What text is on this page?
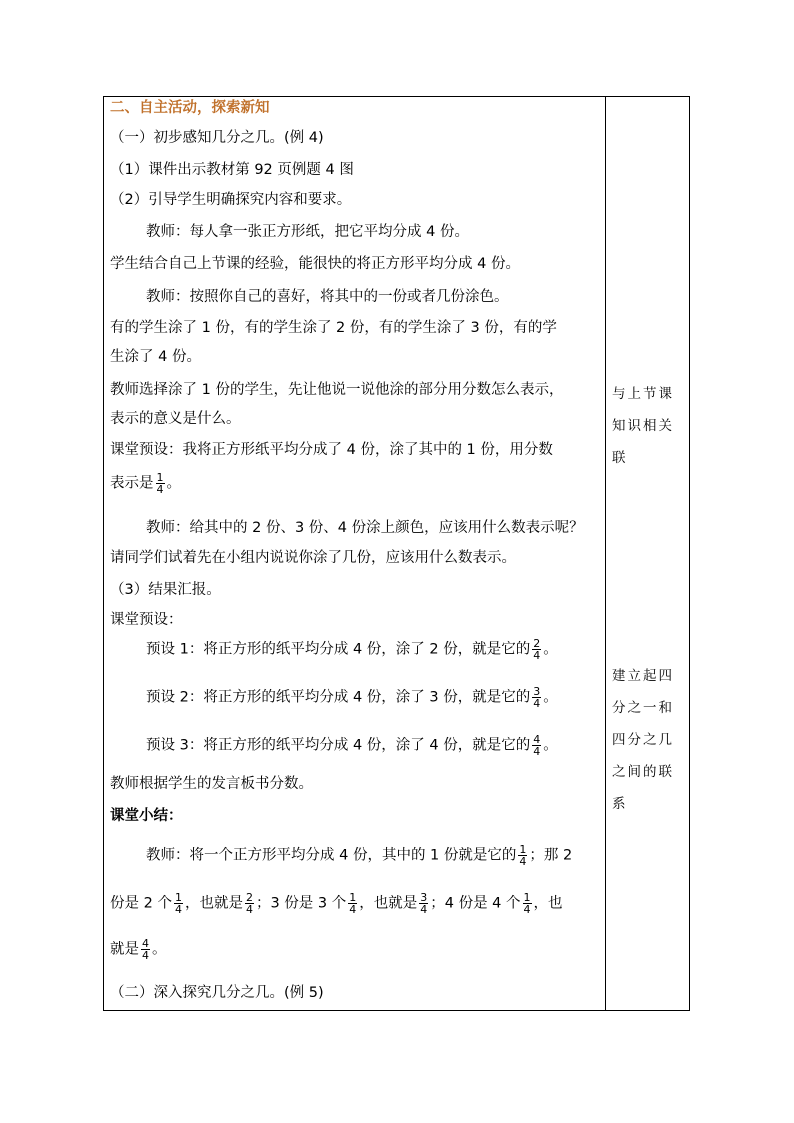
二、自主活动，探索新知
（一）初步感知几分之几。(例 4)
（1）课件出示教材第 92 页例题 4 图
（2）引导学生明确探究内容和要求。
教师：每人拿一张正方形纸，把它平均分成 4 份。
学生结合自己上节课的经验，能很快的将正方形平均分成 4 份。
教师：按照你自己的喜好，将其中的一份或者几份涂色。
有的学生涂了 1 份，有的学生涂了 2 份，有的学生涂了 3 份，有的学
生涂了 4 份。
教师选择涂了 1 份的学生，先让他说一说他涂的部分用分数怎么表示，
表示的意义是什么。
课堂预设：我将正方形纸平均分成了 4 份，涂了其中的 1 份，用分数
表示是 $\frac{1}{4}$ 。
教师：给其中的 2 份、3 份、4 份涂上颜色，应该用什么数表示呢？
请同学们试着先在小组内说说你涂了几份，应该用什么数表示。
（3）结果汇报。
课堂预设：
预设 1：将正方形的纸平均分成 4 份，涂了 2 份，就是它的 $\frac{2}{4}$ 。
预设 2：将正方形的纸平均分成 4 份，涂了 3 份，就是它的 $\frac{3}{4}$ 。
预设 3：将正方形的纸平均分成 4 份，涂了 4 份，就是它的 $\frac{4}{4}$ 。
教师根据学生的发言板书分数。
课堂小结：
教师：将一个正方形平均分成 4 份，其中的 1 份就是它的 $\frac{1}{4}$ ；那 2
份是 2 个 $\frac{1}{4}$ ，也就是 $\frac{2}{4}$ ；3 份是 3 个 $\frac{1}{4}$ ，也就是 $\frac{3}{4}$ ；4 份是 4 个 $\frac{1}{4}$ ，也
就是 $\frac{4}{4}$ 。
（二）深入探究几分之几。(例 5)
与上节课
知识相关
联
建立起四
分之一和
四分之几
之间的联
系
